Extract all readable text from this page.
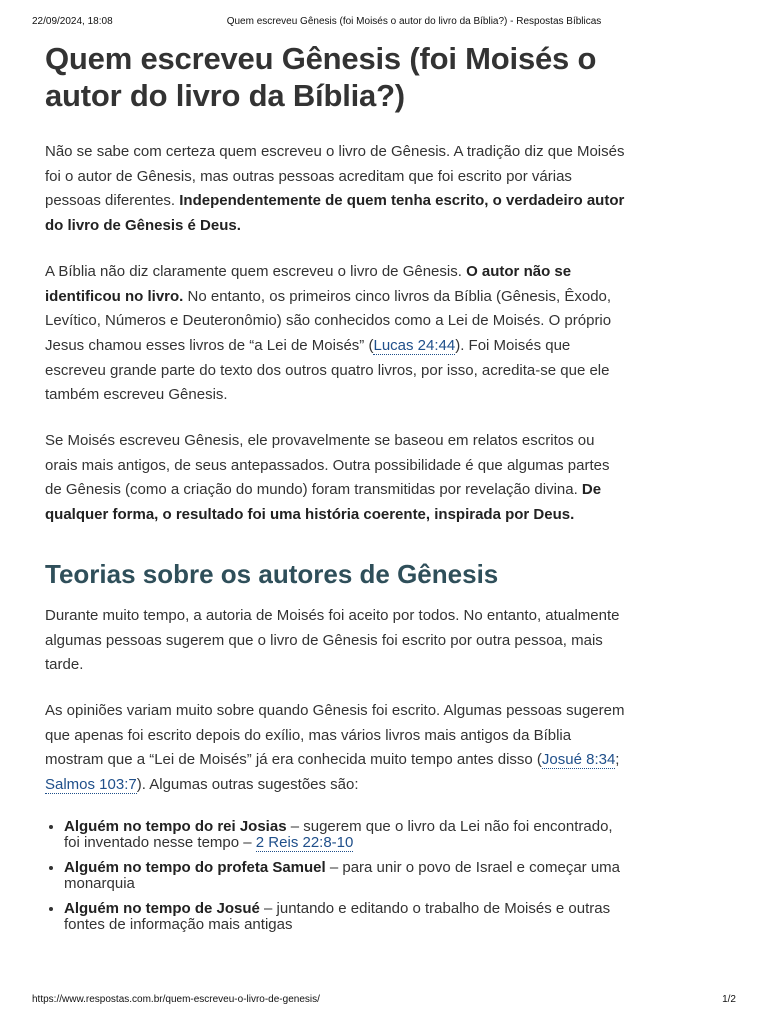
22/09/2024, 18:08	Quem escreveu Gênesis (foi Moisés o autor do livro da Bíblia?) - Respostas Bíblicas
Quem escreveu Gênesis (foi Moisés o autor do livro da Bíblia?)

Não se sabe com certeza quem escreveu o livro de Gênesis. A tradição diz que Moisés foi o autor de Gênesis, mas outras pessoas acreditam que foi escrito por várias pessoas diferentes. Independentemente de quem tenha escrito, o verdadeiro autor do livro de Gênesis é Deus.

A Bíblia não diz claramente quem escreveu o livro de Gênesis. O autor não se identificou no livro. No entanto, os primeiros cinco livros da Bíblia (Gênesis, Êxodo, Levítico, Números e Deuteronômio) são conhecidos como a Lei de Moisés. O próprio Jesus chamou esses livros de “a Lei de Moisés” (Lucas 24:44). Foi Moisés que escreveu grande parte do texto dos outros quatro livros, por isso, acredita-se que ele também escreveu Gênesis.

Se Moisés escreveu Gênesis, ele provavelmente se baseou em relatos escritos ou orais mais antigos, de seus antepassados. Outra possibilidade é que algumas partes de Gênesis (como a criação do mundo) foram transmitidas por revelação divina. De qualquer forma, o resultado foi uma história coerente, inspirada por Deus.

Teorias sobre os autores de Gênesis

Durante muito tempo, a autoria de Moisés foi aceito por todos. No entanto, atualmente algumas pessoas sugerem que o livro de Gênesis foi escrito por outra pessoa, mais tarde.

As opiniões variam muito sobre quando Gênesis foi escrito. Algumas pessoas sugerem que apenas foi escrito depois do exílio, mas vários livros mais antigos da Bíblia mostram que a “Lei de Moisés” já era conhecida muito tempo antes disso (Josué 8:34; Salmos 103:7). Algumas outras sugestões são:

• Alguém no tempo do rei Josias – sugerem que o livro da Lei não foi encontrado, foi inventado nesse tempo – 2 Reis 22:8-10
• Alguém no tempo do profeta Samuel – para unir o povo de Israel e começar uma monarquia
• Alguém no tempo de Josué – juntando e editando o trabalho de Moisés e outras fontes de informação mais antigas
https://www.respostas.com.br/quem-escreveu-o-livro-de-genesis/	1/2
